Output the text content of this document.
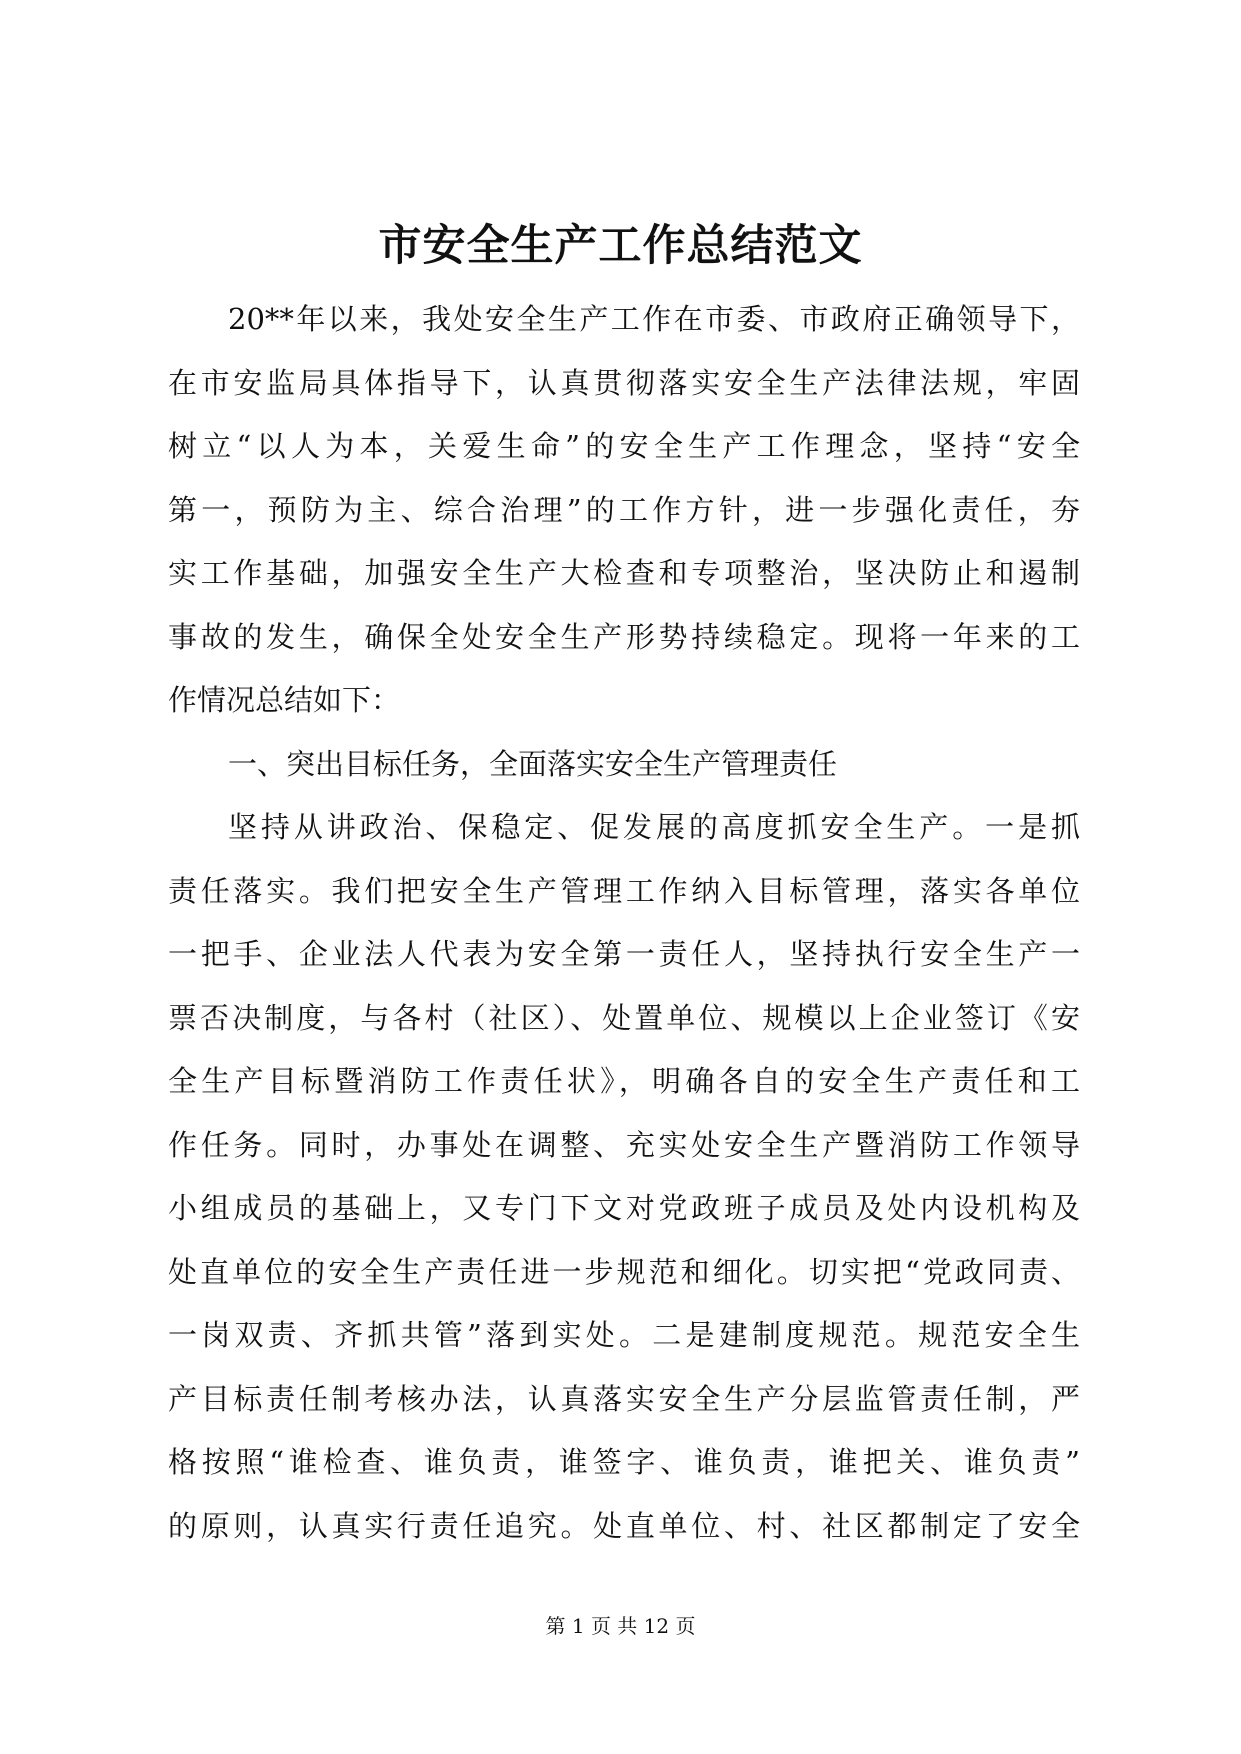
市安全生产工作总结范文
20**年以来，我处安全生产工作在市委、市政府正确领导下，
在市安监局具体指导下，认真贯彻落实安全生产法律法规，牢固
树立“以人为本，关爱生命”的安全生产工作理念，坚持“安全
第一，预防为主、综合治理”的工作方针，进一步强化责任，夯
实工作基础，加强安全生产大检查和专项整治，坚决防止和遏制
事故的发生，确保全处安全生产形势持续稳定。现将一年来的工
作情况总结如下：
一、突出目标任务，全面落实安全生产管理责任
坚持从讲政治、保稳定、促发展的高度抓安全生产。一是抓
责任落实。我们把安全生产管理工作纳入目标管理，落实各单位
一把手、企业法人代表为安全第一责任人，坚持执行安全生产一
票否决制度，与各村（社区）、处置单位、规模以上企业签订《安
全生产目标暨消防工作责任状》，明确各自的安全生产责任和工
作任务。同时，办事处在调整、充实处安全生产暨消防工作领导
小组成员的基础上，又专门下文对党政班子成员及处内设机构及
处直单位的安全生产责任进一步规范和细化。切实把“党政同责、
一岗双责、齐抓共管”落到实处。二是建制度规范。规范安全生
产目标责任制考核办法，认真落实安全生产分层监管责任制，严
格按照“谁检查、谁负责，谁签字、谁负责，谁把关、谁负责”
的原则，认真实行责任追究。处直单位、村、社区都制定了安全
第 1 页 共 12 页
